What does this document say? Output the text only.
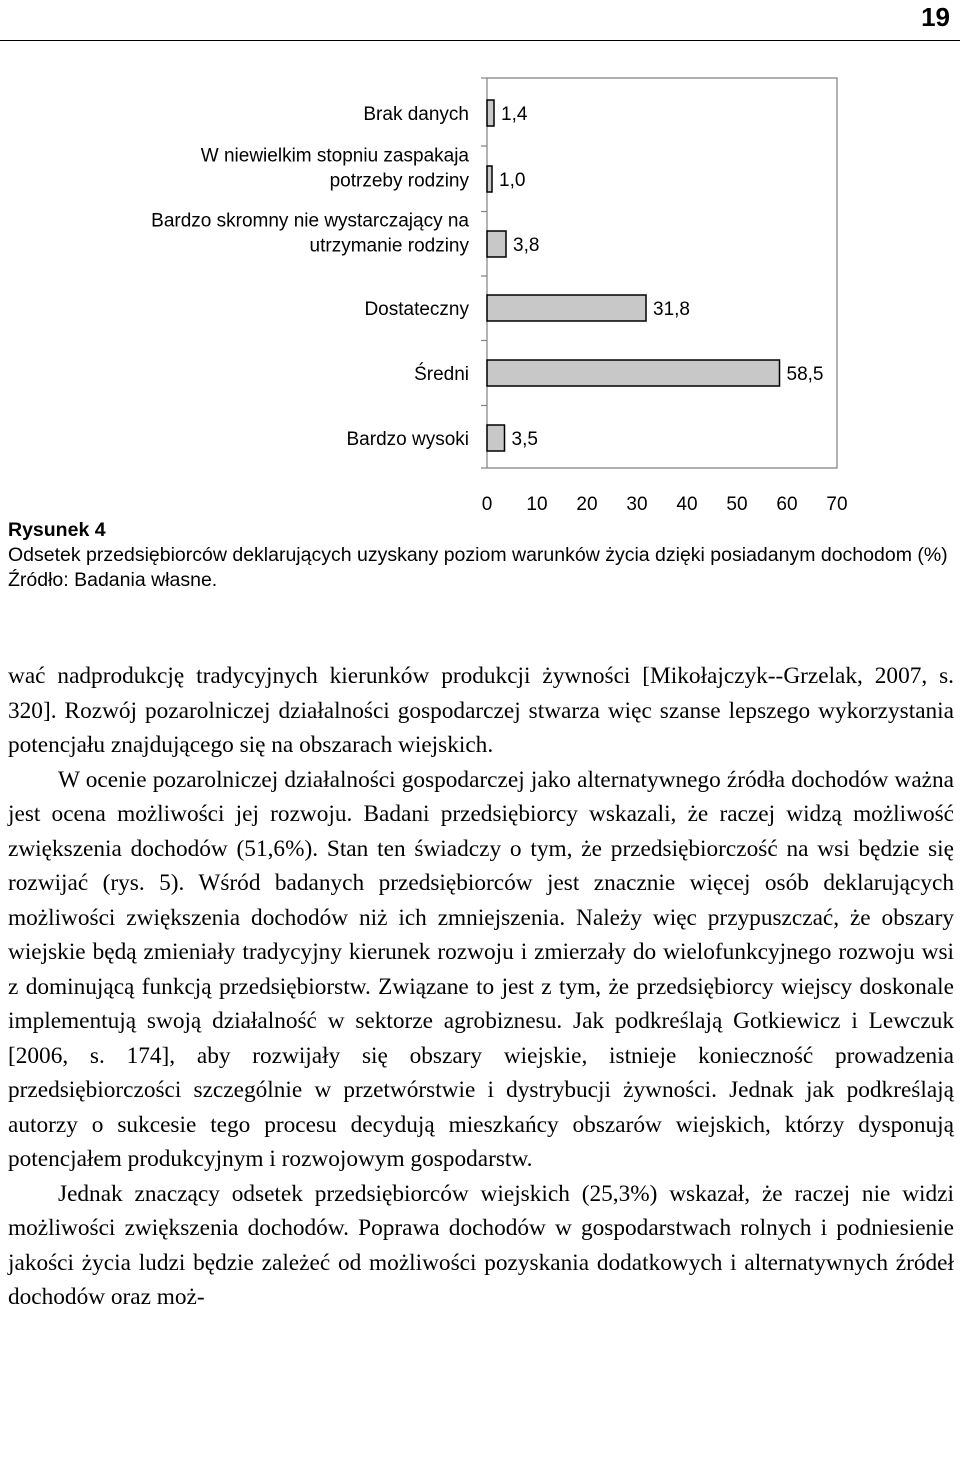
19
0 10 20 30 40 50 60 70
1,4
Brak danych
1,0
W niewielkim stopniu zaspakaja
potrzeby rodziny
3,8
Bardzo skromny nie wystarczający na
utrzymanie rodziny
31,8
Dostateczny
58,5
Średni
3,5
Bardzo wysoki
Rysunek 4
Odsetek przedsiębiorców deklarujących uzyskany poziom warunków życia dzięki posiadanym dochodom (%)
Źródło: Badania własne.

wać nadprodukcję tradycyjnych kierunków produkcji żywności [Mikołajczyk--Grzelak, 2007, s. 320]. Rozwój pozarolniczej działalności gospodarczej stwarza więc szanse lepszego wykorzystania potencjału znajdującego się na obszarach wiejskich.

W ocenie pozarolniczej działalności gospodarczej jako alternatywnego źródła dochodów ważna jest ocena możliwości jej rozwoju. Badani przedsiębiorcy wskazali, że raczej widzą możliwość zwiększenia dochodów (51,6%). Stan ten świadczy o tym, że przedsiębiorczość na wsi będzie się rozwijać (rys. 5). Wśród badanych przedsiębiorców jest znacznie więcej osób deklarujących możliwości zwiększenia dochodów niż ich zmniejszenia. Należy więc przypuszczać, że obszary wiejskie będą zmieniały tradycyjny kierunek rozwoju i zmierzały do wielofunkcyjnego rozwoju wsi z dominującą funkcją przedsiębiorstw. Związane to jest z tym, że przedsiębiorcy wiejscy doskonale implementują swoją działalność w sektorze agrobiznesu. Jak podkreślają Gotkiewicz i Lewczuk [2006, s. 174], aby rozwijały się obszary wiejskie, istnieje konieczność prowadzenia przedsiębiorczości szczególnie w przetwórstwie i dystrybucji żywności. Jednak jak podkreślają autorzy o sukcesie tego procesu decydują mieszkańcy obszarów wiejskich, którzy dysponują potencjałem produkcyjnym i rozwojowym gospodarstw.

Jednak znaczący odsetek przedsiębiorców wiejskich (25,3%) wskazał, że raczej nie widzi możliwości zwiększenia dochodów. Poprawa dochodów w gospodarstwach rolnych i podniesienie jakości życia ludzi będzie zależeć od możliwości pozyskania dodatkowych i alternatywnych źródeł dochodów oraz moż-
